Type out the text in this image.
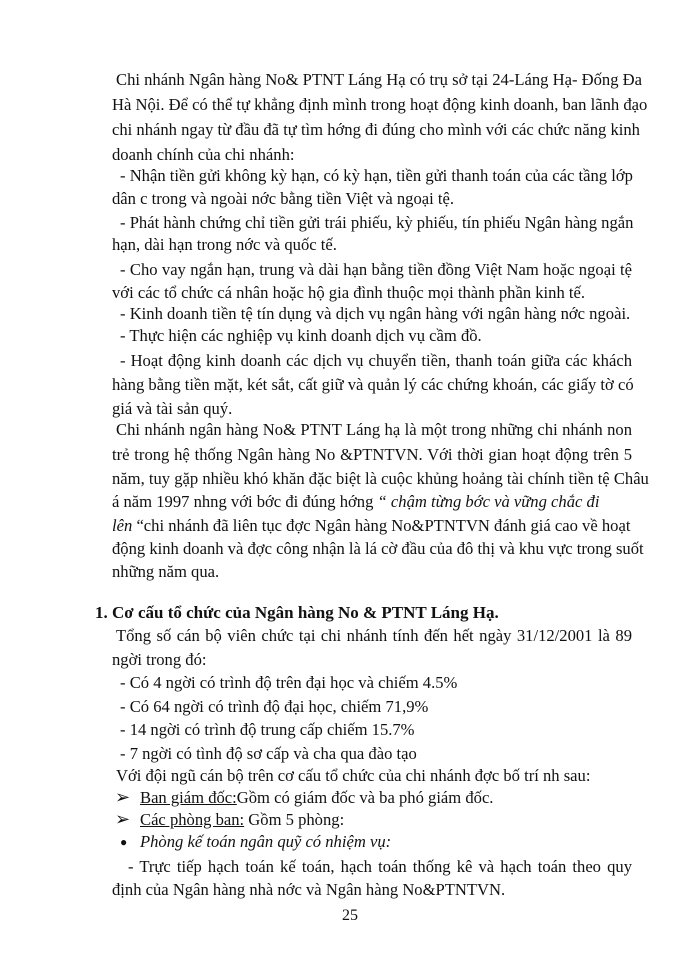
Chi nhánh Ngân hàng No& PTNT Láng Hạ có trụ sở tại 24-Láng Hạ- Đống Đa
Hà Nội. Để có thể tự khẳng định mình trong hoạt động kinh doanh, ban lãnh đạo
chi nhánh ngay từ đầu đã tự tìm hớng đi đúng cho mình với các chức năng kinh
doanh chính của chi nhánh:
- Nhận tiền gửi không kỳ hạn, có kỳ hạn, tiền gửi thanh toán của các tầng lớp
dân c trong và ngoài nớc bằng tiền Việt và ngoại tệ.
- Phát hành chứng chỉ tiền gửi trái phiếu, kỳ phiếu, tín phiếu Ngân hàng ngắn
hạn, dài hạn trong nớc và quốc tế.
- Cho vay ngắn hạn, trung và dài hạn bằng tiền đồng Việt Nam hoặc ngoại tệ
với các tổ chức cá nhân hoặc hộ gia đình thuộc mọi thành phần kinh tế.
- Kinh doanh tiền tệ tín dụng và dịch vụ ngân hàng với ngân hàng nớc ngoài.
- Thực hiện các nghiệp vụ kinh doanh dịch vụ cầm đồ.
- Hoạt động kinh doanh các dịch vụ chuyển tiền, thanh toán giữa các khách
hàng bằng tiền mặt, két sắt, cất giữ và quản lý các chứng khoán, các giấy tờ có
giá và tài sản quý.
Chi nhánh ngân hàng No& PTNT Láng hạ là một trong những chi nhánh non
trẻ trong hệ thống Ngân hàng No &PTNTVN. Với thời gian hoạt động trên 5
năm, tuy gặp nhiều khó khăn đặc biệt là cuộc khủng hoảng tài chính tiền tệ Châu
á năm 1997 nhng với bớc đi đúng hớng “ chậm từng bớc và vững chắc đi
lên “chi nhánh đã liên tục đợc Ngân hàng No&PTNTVN đánh giá cao về hoạt
động kinh doanh và đợc công nhận là lá cờ đầu của đô thị và khu vực trong suốt
những năm qua.
1. Cơ cấu tổ chức của Ngân hàng No & PTNT Láng Hạ.
Tổng số cán bộ viên chức tại chi nhánh tính đến hết ngày 31/12/2001 là 89
ngời trong đó:
- Có 4 ngời có trình độ trên đại học và chiếm 4.5%
- Có 64 ngời có trình độ đại học, chiếm 71,9%
- 14 ngời có trình độ trung cấp chiếm 15.7%
- 7 ngời có tình độ sơ cấp và cha qua đào tạo
Với đội ngũ cán bộ trên cơ cấu tổ chức của chi nhánh đợc bố trí nh sau:
➢ Ban giám đốc:Gồm có giám đốc và ba phó giám đốc.
➢ Các phòng ban: Gồm 5 phòng:
● Phòng kế toán ngân quỹ có nhiệm vụ:
- Trực tiếp hạch toán kế toán, hạch toán thống kê và hạch toán theo quy
định của Ngân hàng nhà nớc và Ngân hàng No&PTNTVN.
25
